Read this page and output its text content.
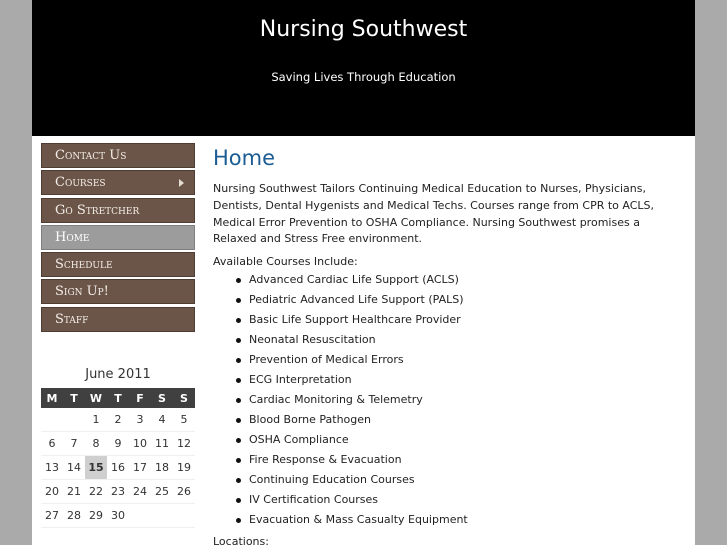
Nursing Southwest
Saving Lives Through Education
Contact Us
Courses
Go Stretcher
Home
Schedule
Sign Up!
Staff
June 2011
M	T	W	T	F	S	S
		1	2	3	4	5
6	7	8	9	10	11	12
13	14	15	16	17	18	19
20	21	22	23	24	25	26
27	28	29	30			
Home

Nursing Southwest Tailors Continuing Medical Education to Nurses, Physicians, Dentists, Dental Hygenists and Medical Techs. Courses range from CPR to ACLS, Medical Error Prevention to OSHA Compliance. Nursing Southwest promises a Relaxed and Stress Free environment.

Available Courses Include:

Advanced Cardiac Life Support (ACLS)
Pediatric Advanced Life Support (PALS)
Basic Life Support Healthcare Provider
Neonatal Resuscitation
Prevention of Medical Errors
ECG Interpretation
Cardiac Monitoring & Telemetry
Blood Borne Pathogen
OSHA Compliance
Fire Response & Evacuation
Continuing Education Courses
IV Certification Courses
Evacuation & Mass Casualty Equipment

Locations:
